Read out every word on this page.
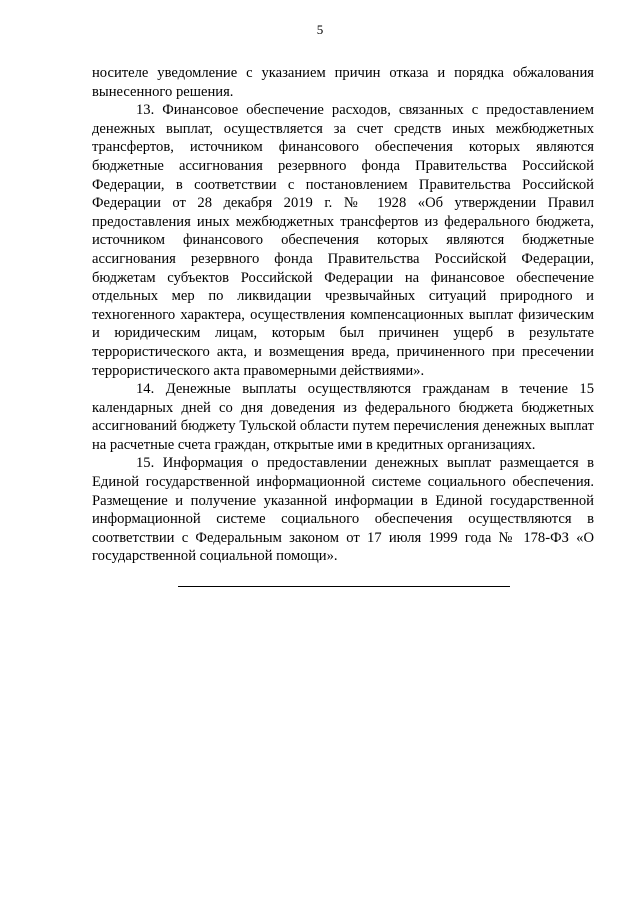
5

носителе уведомление с указанием причин отказа и порядка обжалования вынесенного решения.

13. Финансовое обеспечение расходов, связанных с предоставлением денежных выплат, осуществляется за счет средств иных межбюджетных трансфертов, источником финансового обеспечения которых являются бюджетные ассигнования резервного фонда Правительства Российской Федерации, в соответствии с постановлением Правительства Российской Федерации от 28 декабря 2019 г. № 1928 «Об утверждении Правил предоставления иных межбюджетных трансфертов из федерального бюджета, источником финансового обеспечения которых являются бюджетные ассигнования резервного фонда Правительства Российской Федерации, бюджетам субъектов Российской Федерации на финансовое обеспечение отдельных мер по ликвидации чрезвычайных ситуаций природного и техногенного характера, осуществления компенсационных выплат физическим и юридическим лицам, которым был причинен ущерб в результате террористического акта, и возмещения вреда, причиненного при пресечении террористического акта правомерными действиями».

14. Денежные выплаты осуществляются гражданам в течение 15 календарных дней со дня доведения из федерального бюджета бюджетных ассигнований бюджету Тульской области путем перечисления денежных выплат на расчетные счета граждан, открытые ими в кредитных организациях.

15. Информация о предоставлении денежных выплат размещается в Единой государственной информационной системе социального обеспечения. Размещение и получение указанной информации в Единой государственной информационной системе социального обеспечения осуществляются в соответствии с Федеральным законом от 17 июля 1999 года № 178-ФЗ «О государственной социальной помощи».
